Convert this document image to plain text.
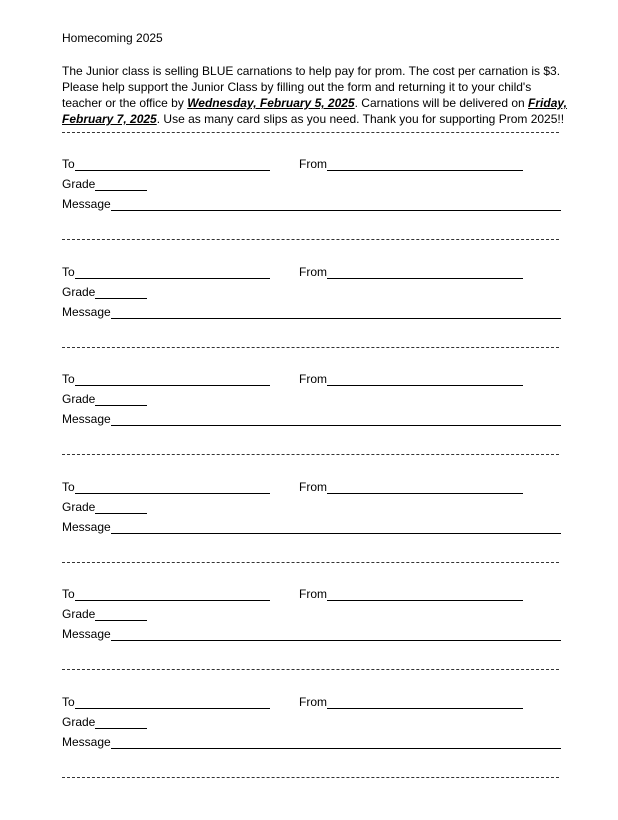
Homecoming 2025
The Junior class is selling BLUE carnations to help pay for prom. The cost per carnation is $3.
Please help support the Junior Class by filling out the form and returning it to your child's
teacher or the office by Wednesday, February 5, 2025. Carnations will be delivered on Friday,
February 7, 2025. Use as many card slips as you need. Thank you for supporting Prom 2025!!
To	From
Grade
Message
To	From
Grade
Message
To	From
Grade
Message
To	From
Grade
Message
To	From
Grade
Message
To	From
Grade
Message
